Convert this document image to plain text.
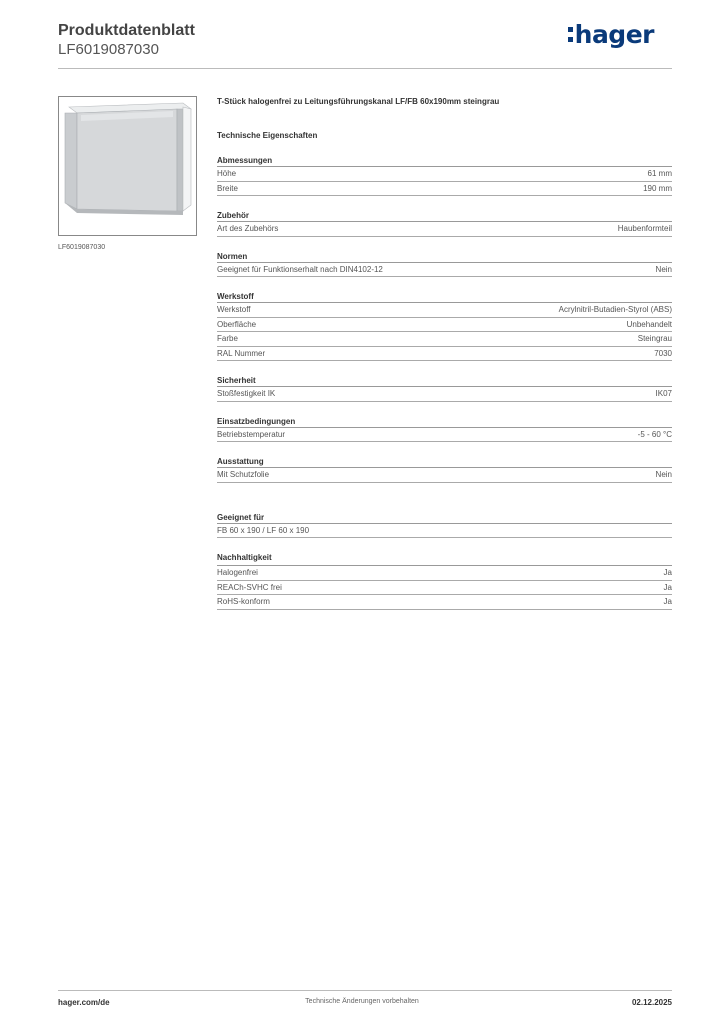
Produktdatenblatt
LF6019087030
hager
LF6019087030
T-Stück halogenfrei zu Leitungsführungskanal LF/FB 60x190mm steingrau
Technische Eigenschaften
Abmessungen
Höhe	61 mm
Breite	190 mm
Zubehör
Art des Zubehörs	Haubenformteil
Normen
Geeignet für Funktionserhalt nach DIN4102-12	Nein
Werkstoff
Werkstoff	Acrylnitril-Butadien-Styrol (ABS)
Oberfläche	Unbehandelt
Farbe	Steingrau
RAL Nummer	7030
Sicherheit
Stoßfestigkeit IK	IK07
Einsatzbedingungen
Betriebstemperatur	-5 - 60 °C
Ausstattung
Mit Schutzfolie	Nein
Geeignet für
FB 60 x 190 / LF 60 x 190
Nachhaltigkeit
Halogenfrei	Ja
REACh-SVHC frei	Ja
RoHS-konform	Ja
hager.com/de	Technische Änderungen vorbehalten	02.12.2025
